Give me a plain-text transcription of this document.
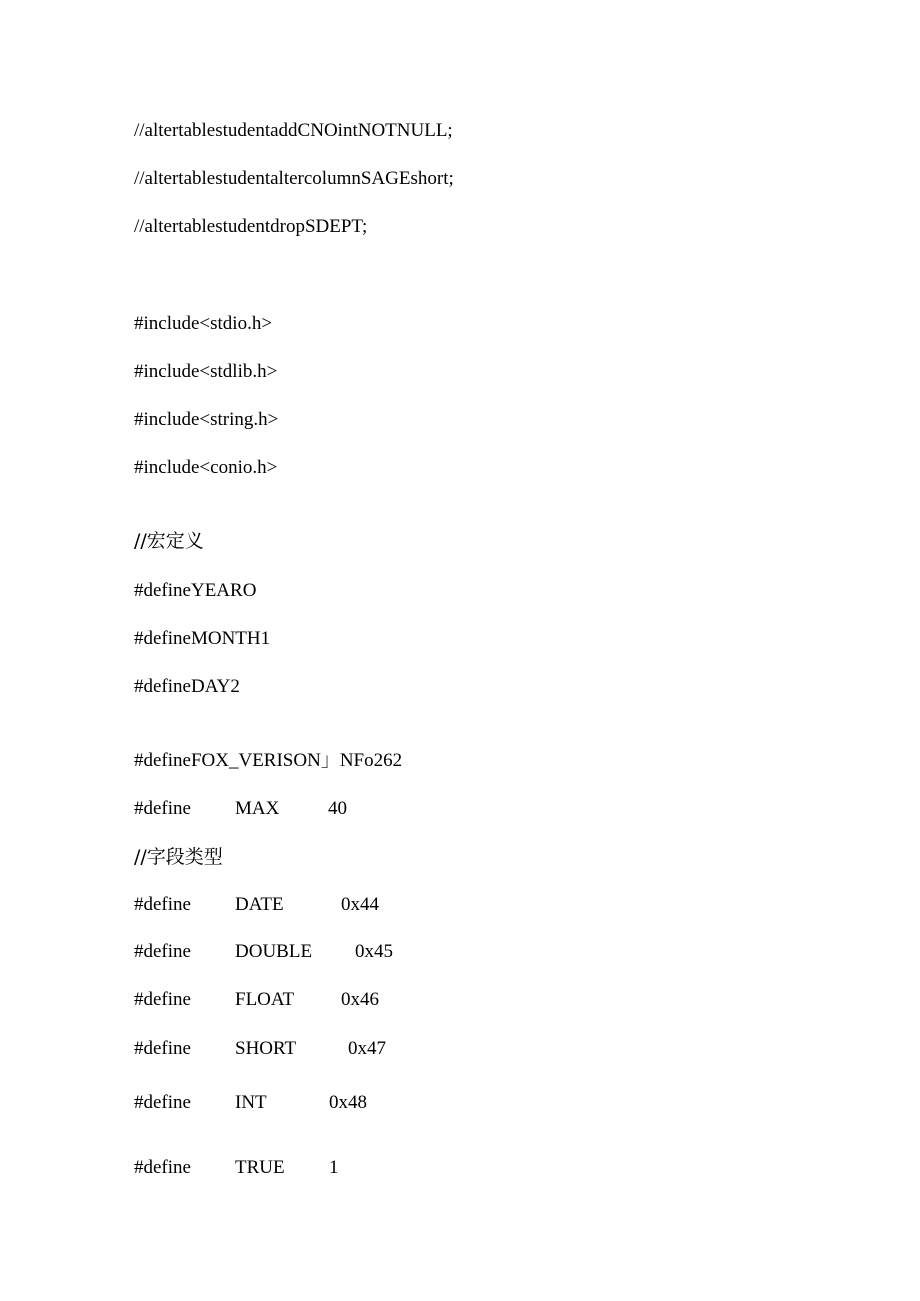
//altertablestudentaddCNOintNOTNULL;
//altertablestudentaltercolumnSAGEshort;
//altertablestudentdropSDEPT;
#include<stdio.h>
#include<stdlib.h>
#include<string.h>
#include<conio.h>
//宏定义
#defineYEARO
#defineMONTH1
#defineDAY2
#defineFOX_VERISON」NFo262
#define MAX	40
//字段类型
#define DATE	0x44
#define DOUBLE 0x45
#define FLOAT 0x46
#define SHORT	0x47
#define INT	0x48
#define TRUE 1
